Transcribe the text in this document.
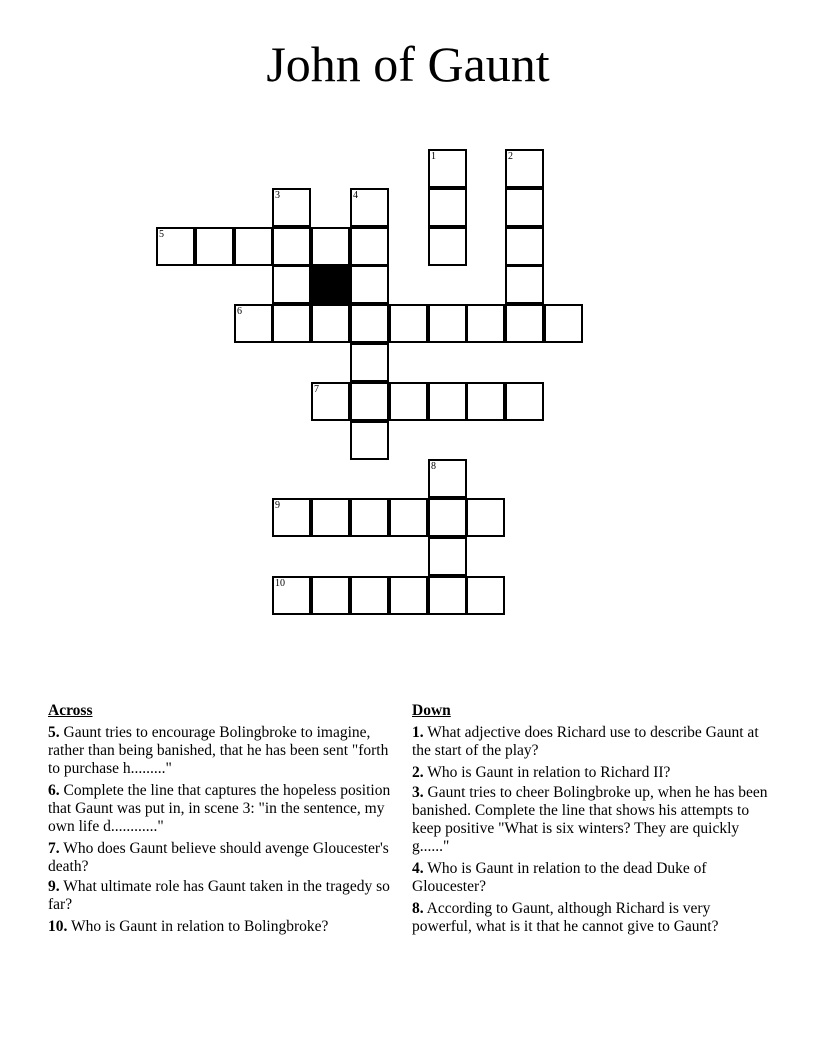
John of Gaunt
1	2
3	4
5
6
7
8
9
10
Across
5. Gaunt tries to encourage Bolingbroke to imagine, rather than being banished, that he has been sent "forth to purchase h........."
6. Complete the line that captures the hopeless position that Gaunt was put in, in scene 3: "in the sentence, my own life d............"
7. Who does Gaunt believe should avenge Gloucester's death?
9. What ultimate role has Gaunt taken in the tragedy so far?
10. Who is Gaunt in relation to Bolingbroke?
Down
1. What adjective does Richard use to describe Gaunt at the start of the play?
2. Who is Gaunt in relation to Richard II?
3. Gaunt tries to cheer Bolingbroke up, when he has been banished. Complete the line that shows his attempts to keep positive "What is six winters? They are quickly g......"
4. Who is Gaunt in relation to the dead Duke of Gloucester?
8. According to Gaunt, although Richard is very powerful, what is it that he cannot give to Gaunt?
